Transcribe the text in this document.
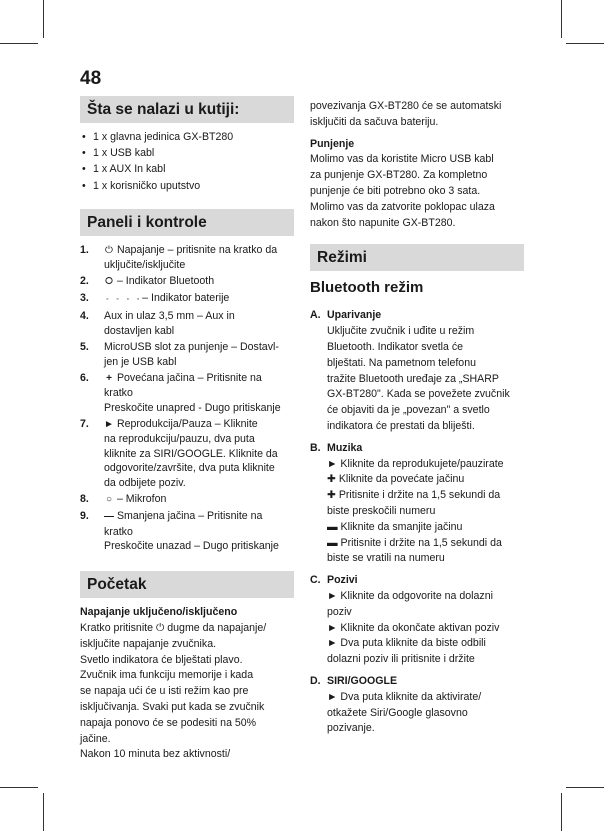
48
Šta se nalazi u kutiji:
• 1 x glavna jedinica GX-BT280
• 1 x USB kabl
• 1 x AUX In kabl
• 1 x korisničko uputstvo
Paneli i kontrole
1.	⏻ Napajanje – pritisnite na kratko da
uključite/isključite
2.	⭘ – Indikator Bluetooth
3.	◦    ◦    ◦    ◦ – Indikator baterije
4.	Aux in ulaz 3,5 mm – Aux in
dostavljen kabl
5.	MicroUSB slot za punjenje – Dostavl-
jen je USB kabl
6.	+ Povećana jačina – Pritisnite na
kratko
Preskočite unapred - Dugo pritiskanje
7.	► Reprodukcija/Pauza – Kliknite
na reprodukciju/pauzu, dva puta
kliknite za SIRI/GOOGLE. Kliknite da
odgovorite/završite, dva puta kliknite
da odbijete poziv.
8.	○ – Mikrofon
9.	— Smanjena jačina – Pritisnite na
kratko
Preskočite unazad – Dugo pritiskanje
Početak
Napajanje uključeno/isključeno
Kratko pritisnite ⏻ dugme da napajanje/
isključite napajanje zvučnika.
Svetlo indikatora će blještati plavo.
Zvučnik ima funkciju memorije i kada
se napaja ući će u isti režim kao pre
isključivanja. Svaki put kada se zvučnik
napaja ponovo će se podesiti na 50%
jačine.
Nakon 10 minuta bez aktivnosti/
povezivanja GX-BT280 će se automatski
isključiti da sačuva bateriju.
Punjenje
Molimo vas da koristite Micro USB kabl
za punjenje GX-BT280. Za kompletno
punjenje će biti potrebno oko 3 sata.
Molimo vas da zatvorite poklopac ulaza
nakon što napunite GX-BT280.
Režimi
Bluetooth režim
A. Uparivanje
Uključite zvučnik i uđite u režim
Bluetooth. Indikator svetla će
blještati. Na pametnom telefonu
tražite Bluetooth uređaje za „SHARP
GX-BT280". Kada se povežete zvučnik
će objaviti da je „povezan" a svetlo
indikatora će prestati da bliješti.
B. Muzika
► Kliknite da reprodukujete/pauzirate
✚ Kliknite da povećate jačinu
✚ Pritisnite i držite na 1,5 sekundi da
biste preskočili numeru
▬ Kliknite da smanjite jačinu
▬ Pritisnite i držite na 1,5 sekundi da
biste se vratili na numeru
C. Pozivi
► Kliknite da odgovorite na dolazni
poziv
► Kliknite da okončate aktivan poziv
► Dva puta kliknite da biste odbili
dolazni poziv ili pritisnite i držite
D. SIRI/GOOGLE
► Dva puta kliknite da aktivirate/
otkažete Siri/Google glasovno
pozivanje.
